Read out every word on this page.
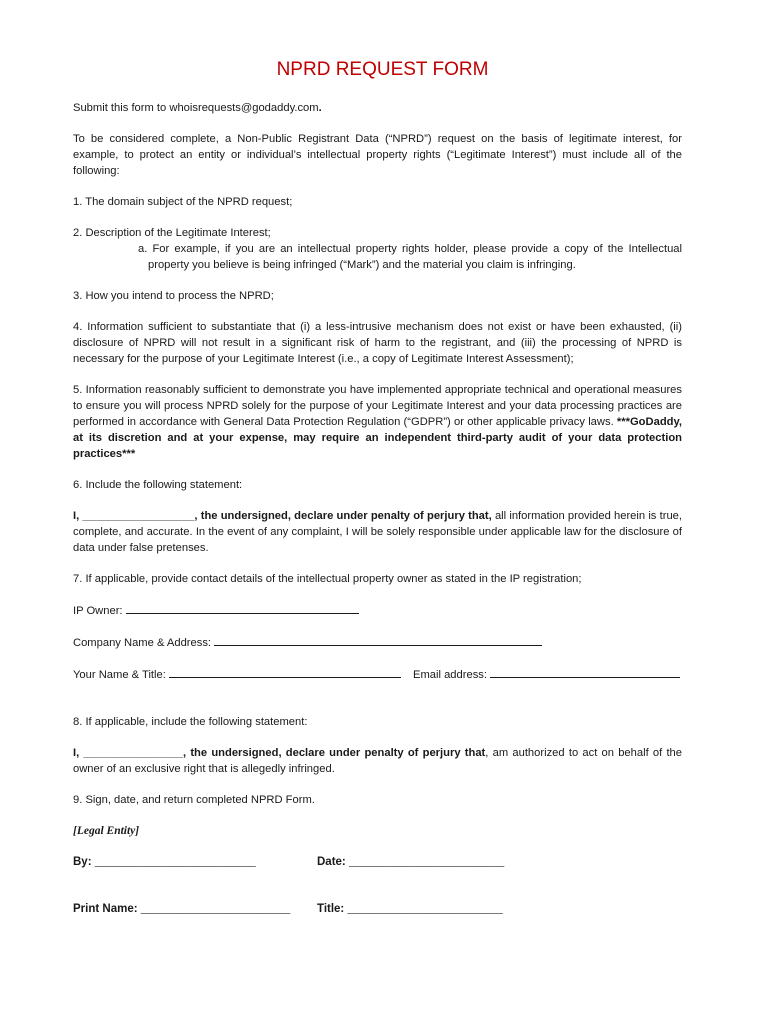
NPRD REQUEST FORM

Submit this form to whoisrequests@godaddy.com.

To be considered complete, a Non-Public Registrant Data (“NPRD”) request on the basis of legitimate interest, for example, to protect an entity or individual’s intellectual property rights (“Legitimate Interest”) must include all of the following:

1. The domain subject of the NPRD request;

2. Description of the Legitimate Interest;

a. For example, if you are an intellectual property rights holder, please provide a copy of the Intellectual property you believe is being infringed (“Mark”) and the material you claim is infringing.

3. How you intend to process the NPRD;

4. Information sufficient to substantiate that (i) a less-intrusive mechanism does not exist or have been exhausted, (ii) disclosure of NPRD will not result in a significant risk of harm to the registrant, and (iii) the processing of NPRD is necessary for the purpose of your Legitimate Interest (i.e., a copy of Legitimate Interest Assessment);

5. Information reasonably sufficient to demonstrate you have implemented appropriate technical and operational measures to ensure you will process NPRD solely for the purpose of your Legitimate Interest and your data processing practices are performed in accordance with General Data Protection Regulation (“GDPR”) or other applicable privacy laws. ***GoDaddy, at its discretion and at your expense, may require an independent third-party audit of your data protection practices***

6. Include the following statement:

I, __________________, the undersigned, declare under penalty of perjury that, all information provided herein is true, complete, and accurate. In the event of any complaint, I will be solely responsible under applicable law for the disclosure of data under false pretenses.

7. If applicable, provide contact details of the intellectual property owner as stated in the IP registration;

IP Owner:

Company Name & Address:

Your Name & Title:	Email address:

8. If applicable, include the following statement:

I, ________________, the undersigned, declare under penalty of perjury that, am authorized to act on behalf of the owner of an exclusive right that is allegedly infringed.

9. Sign, date, and return completed NPRD Form.

[Legal Entity]

By: ____________________________	Date: ___________________________
Print Name: __________________________	Title: ___________________________
